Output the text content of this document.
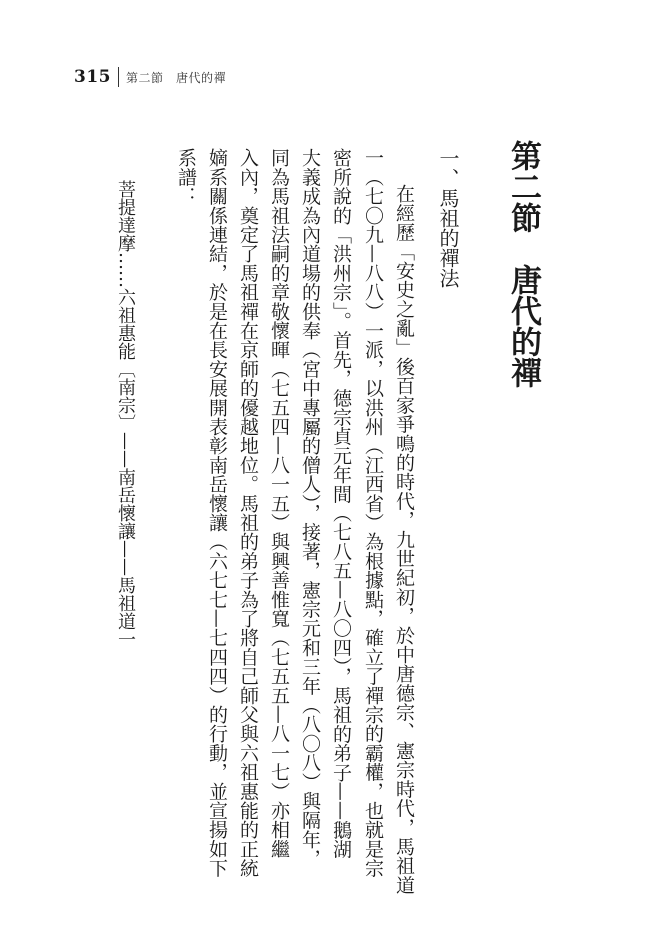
315 第二節　唐代的禪
第二節　唐代的禪
一、馬祖的禪法
在經歷「安史之亂」後百家爭鳴的時代，九世紀初，於中唐德宗、憲宗時代，馬祖道
一（七〇九—八八）一派，以洪州（江西省）為根據點，確立了禪宗的霸權，也就是宗
密所說的「洪州宗」。首先，德宗貞元年間（七八五—八〇四），馬祖的弟子——鵝湖
大義成為內道場的供奉（宮中專屬的僧人），接著，憲宗元和三年（八〇八）與隔年，
同為馬祖法嗣的章敬懷暉（七五四—八一五）與興善惟寬（七五五—八一七）亦相繼
入內，奠定了馬祖禪在京師的優越地位。馬祖的弟子為了將自己師父與六祖惠能的正統
嫡系關係連結，於是在長安展開表彰南岳懷讓（六七七—七四四）的行動，並宣揚如下
系譜：
菩提達摩……六祖惠能〔南宗〕——南岳懷讓——馬祖道一
